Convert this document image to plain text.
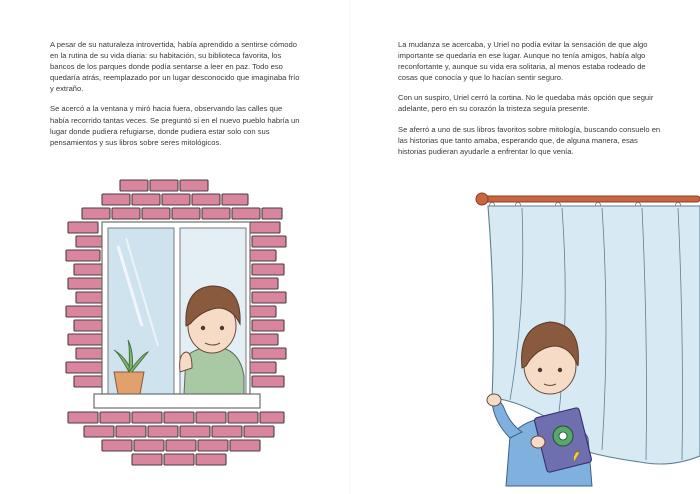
A pesar de su naturaleza introvertida, había aprendido a sentirse cómodo en la rutina de su vida diaria: su habitación, su biblioteca favorita, los bancos de los parques donde podía sentarse a leer en paz. Todo eso quedaría atrás, reemplazado por un lugar desconocido que imaginaba frío y extraño.

Se acercó a la ventana y miró hacia fuera, observando las calles que había recorrido tantas veces. Se preguntó si en el nuevo pueblo habría un lugar donde pudiera refugiarse, donde pudiera estar solo con sus pensamientos y sus libros sobre seres mitológicos.

La mudanza se acercaba, y Uriel no podía evitar la sensación de que algo importante se quedaría en ese lugar. Aunque no tenía amigos, había algo reconfortante y, aunque su vida era solitaria, al menos estaba rodeado de cosas que conocía y que lo hacían sentir seguro.

Con un suspiro, Uriel cerró la cortina. No le quedaba más opción que seguir adelante, pero en su corazón la tristeza seguía presente.

Se aferró a uno de sus libros favoritos sobre mitología, buscando consuelo en las historias que tanto amaba, esperando que, de alguna manera, esas historias pudieran ayudarle a enfrentar lo que venía.
